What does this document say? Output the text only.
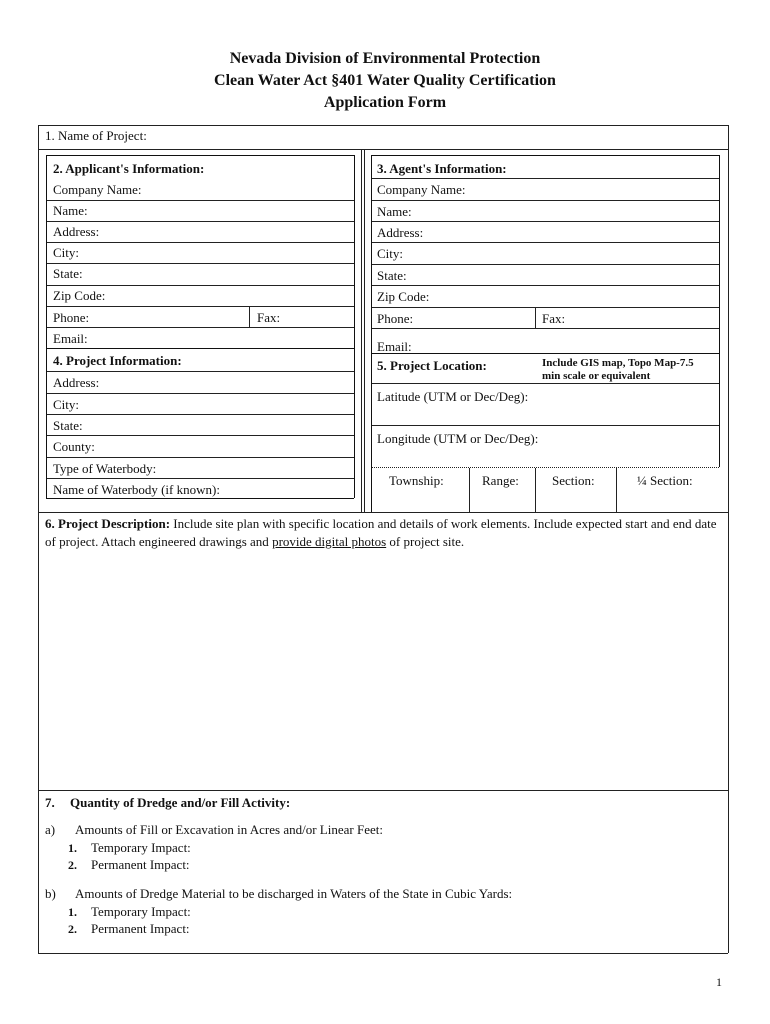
Nevada Division of Environmental Protection
Clean Water Act §401 Water Quality Certification
Application Form
1. Name of Project:
2. Applicant's Information:
Company Name:
Name:
Address:
City:
State:
Zip Code:
Phone:	Fax:
Email:
4. Project Information:
Address:
City:
State:
County:
Type of Waterbody:
Name of Waterbody (if known):
3. Agent's Information:
Company Name:
Name:
Address:
City:
State:
Zip Code:
Phone:	Fax:
Email:
5. Project Location:	Include GIS map, Topo Map-7.5 min scale or equivalent
Latitude (UTM or Dec/Deg):
Longitude (UTM or Dec/Deg):
Township:	Range:	Section:	¼ Section:
6. Project Description: Include site plan with specific location and details of work elements. Include expected start and end date of project. Attach engineered drawings and provide digital photos of project site.
7. Quantity of Dredge and/or Fill Activity:
a) Amounts of Fill or Excavation in Acres and/or Linear Feet:
1. Temporary Impact:
2. Permanent Impact:
b) Amounts of Dredge Material to be discharged in Waters of the State in Cubic Yards:
1. Temporary Impact:
2. Permanent Impact:
1
